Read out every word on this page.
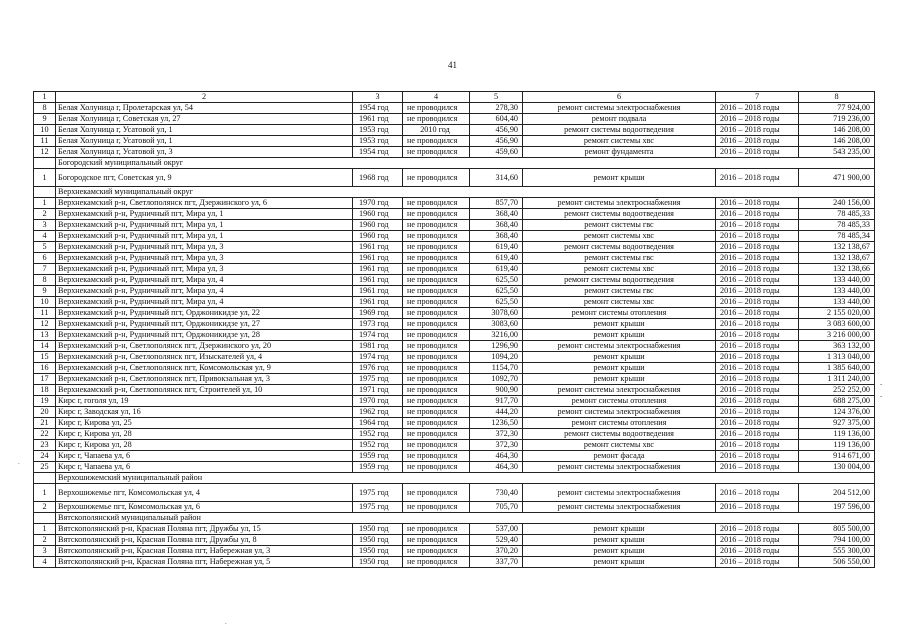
41
1	2	3	4	5	6	7	8
8	Белая Холуница г, Пролетарская ул, 54	1954 год	не проводился	278,30	ремонт системы электроснабжения	2016 – 2018 годы	77 924,00
9	Белая Холуница г, Советская ул, 27	1961 год	не проводился	604,40	ремонт подвала	2016 – 2018 годы	719 236,00
10	Белая Холуница г, Усатовой ул, 1	1953 год	2010 год	456,90	ремонт системы водоотведения	2016 – 2018 годы	146 208,00
11	Белая Холуница г, Усатовой ул, 1	1953 год	не проводился	456,90	ремонт системы хвс	2016 – 2018 годы	146 208,00
12	Белая Холуница г, Усатовой ул, 3	1954 год	не проводился	459,60	ремонт фундамента	2016 – 2018 годы	543 235,00
	Богородский муниципальный округ						
1	Богородское пгт, Советская ул, 9	1968 год	не проводился	314,60	ремонт крыши	2016 – 2018 годы	471 900,00
	Верхнекамский муниципальный округ						
1	Верхнекамский р-н, Светлополянск пгт, Дзержинского ул, 6	1970 год	не проводился	857,70	ремонт системы электроснабжения	2016 – 2018 годы	240 156,00
2	Верхнекамский р-н, Рудничный пгт, Мира ул, 1	1960 год	не проводился	368,40	ремонт системы водоотведения	2016 – 2018 годы	78 485,33
3	Верхнекамский р-н, Рудничный пгт, Мира ул, 1	1960 год	не проводился	368,40	ремонт системы гвс	2016 – 2018 годы	78 485,33
4	Верхнекамский р-н, Рудничный пгт, Мира ул, 1	1960 год	не проводился	368,40	ремонт системы хвс	2016 – 2018 годы	78 485,34
5	Верхнекамский р-н, Рудничный пгт, Мира ул, 3	1961 год	не проводился	619,40	ремонт системы водоотведения	2016 – 2018 годы	132 138,67
6	Верхнекамский р-н, Рудничный пгт, Мира ул, 3	1961 год	не проводился	619,40	ремонт системы гвс	2016 – 2018 годы	132 138,67
7	Верхнекамский р-н, Рудничный пгт, Мира ул, 3	1961 год	не проводился	619,40	ремонт системы хвс	2016 – 2018 годы	132 138,66
8	Верхнекамский р-н, Рудничный пгт, Мира ул, 4	1961 год	не проводился	625,50	ремонт системы водоотведения	2016 – 2018 годы	133 440,00
9	Верхнекамский р-н, Рудничный пгт, Мира ул, 4	1961 год	не проводился	625,50	ремонт системы гвс	2016 – 2018 годы	133 440,00
10	Верхнекамский р-н, Рудничный пгт, Мира ул, 4	1961 год	не проводился	625,50	ремонт системы хвс	2016 – 2018 годы	133 440,00
11	Верхнекамский р-н, Рудничный пгт, Орджоникидзе ул, 22	1969 год	не проводился	3078,60	ремонт системы отопления	2016 – 2018 годы	2 155 020,00
12	Верхнекамский р-н, Рудничный пгт, Орджоникидзе ул, 27	1973 год	не проводился	3083,60	ремонт крыши	2016 – 2018 годы	3 083 600,00
13	Верхнекамский р-н, Рудничный пгт, Орджоникидзе ул, 28	1974 год	не проводился	3216,00	ремонт крыши	2016 – 2018 годы	3 216 000,00
14	Верхнекамский р-н, Светлополянск пгт, Дзержинского ул, 20	1981 год	не проводился	1296,90	ремонт системы электроснабжения	2016 – 2018 годы	363 132,00
15	Верхнекамский р-н, Светлополянск пгт, Изыскателей ул, 4	1974 год	не проводился	1094,20	ремонт крыши	2016 – 2018 годы	1 313 040,00
16	Верхнекамский р-н, Светлополянск пгт, Комсомольская ул, 9	1976 год	не проводился	1154,70	ремонт крыши	2016 – 2018 годы	1 385 640,00
17	Верхнекамский р-н, Светлополянск пгт, Привокзальная ул, 3	1975 год	не проводился	1092,70	ремонт крыши	2016 – 2018 годы	1 311 240,00
18	Верхнекамский р-н, Светлополянск пгт, Строителей ул, 10	1971 год	не проводился	900,90	ремонт системы электроснабжения	2016 – 2018 годы	252 252,00
19	Кирс г, гоголя ул, 19	1970 год	не проводился	917,70	ремонт системы отопления	2016 – 2018 годы	688 275,00
20	Кирс г, Заводская ул, 16	1962 год	не проводился	444,20	ремонт системы электроснабжения	2016 – 2018 годы	124 376,00
21	Кирс г, Кирова ул, 25	1964 год	не проводился	1236,50	ремонт системы отопления	2016 – 2018 годы	927 375,00
22	Кирс г, Кирова ул, 28	1952 год	не проводился	372,30	ремонт системы водоотведения	2016 – 2018 годы	119 136,00
23	Кирс г, Кирова ул, 28	1952 год	не проводился	372,30	ремонт системы хвс	2016 – 2018 годы	119 136,00
24	Кирс г, Чапаева ул, 6	1959 год	не проводился	464,30	ремонт фасада	2016 – 2018 годы	914 671,00
25	Кирс г, Чапаева ул, 6	1959 год	не проводился	464,30	ремонт системы электроснабжения	2016 – 2018 годы	130 004,00
	Верхошижемский муниципальный район						
1	Верхошижемье пгт, Комсомольская ул, 4	1975 год	не проводился	730,40	ремонт системы электроснабжения	2016 – 2018 годы	204 512,00
2	Верхошижемье пгт, Комсомольская ул, 6	1975 год	не проводился	705,70	ремонт системы электроснабжения	2016 – 2018 годы	197 596,00
	Вятскополянский муниципальный район						
1	Вятскополянский р-н, Красная Поляна пгт, Дружбы ул, 15	1950 год	не проводился	537,00	ремонт крыши	2016 – 2018 годы	805 500,00
2	Вятскополянский р-н, Красная Поляна пгт, Дружбы ул, 8	1950 год	не проводился	529,40	ремонт крыши	2016 – 2018 годы	794 100,00
3	Вятскополянский р-н, Красная Поляна пгт, Набережная ул, 3	1950 год	не проводился	370,20	ремонт крыши	2016 – 2018 годы	555 300,00
4	Вятскополянский р-н, Красная Поляна пгт, Набережная ул, 5	1950 год	не проводился	337,70	ремонт крыши	2016 – 2018 годы	506 550,00
-
-
.
.
